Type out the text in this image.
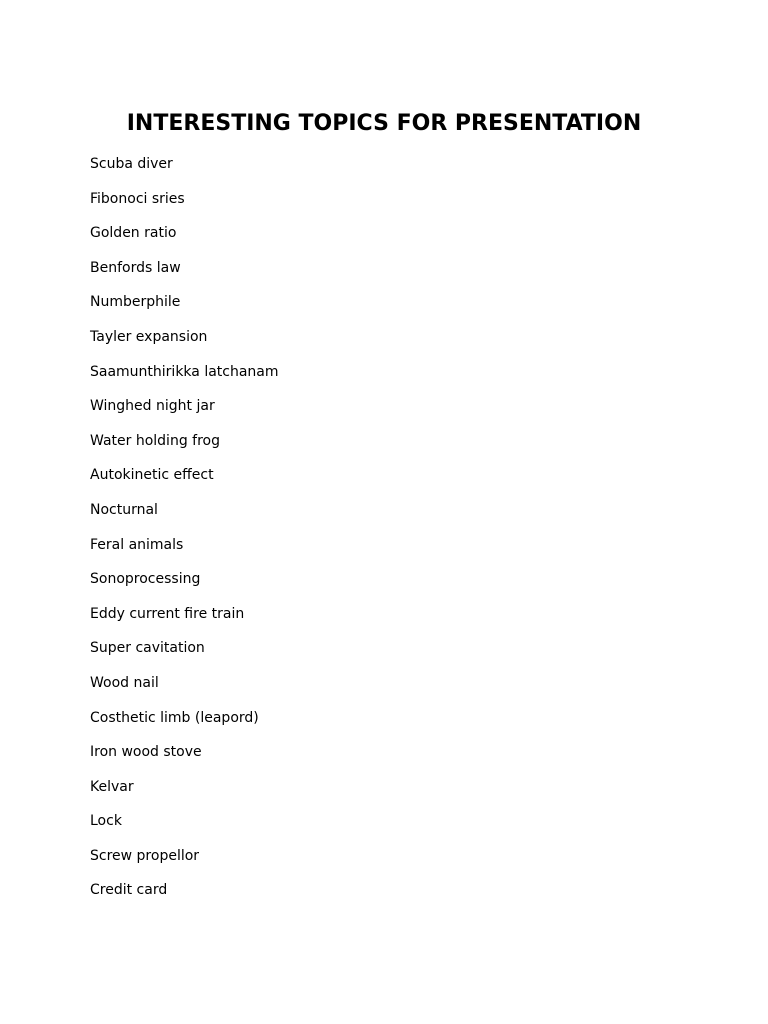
INTERESTING TOPICS FOR PRESENTATION
Scuba diver
Fibonoci sries
Golden ratio
Benfords law
Numberphile
Tayler expansion
Saamunthirikka latchanam
Winghed night jar
Water holding frog
Autokinetic effect
Nocturnal
Feral animals
Sonoprocessing
Eddy current fire train
Super cavitation
Wood nail
Costhetic limb (leapord)
Iron wood stove
Kelvar
Lock
Screw propellor
Credit card
